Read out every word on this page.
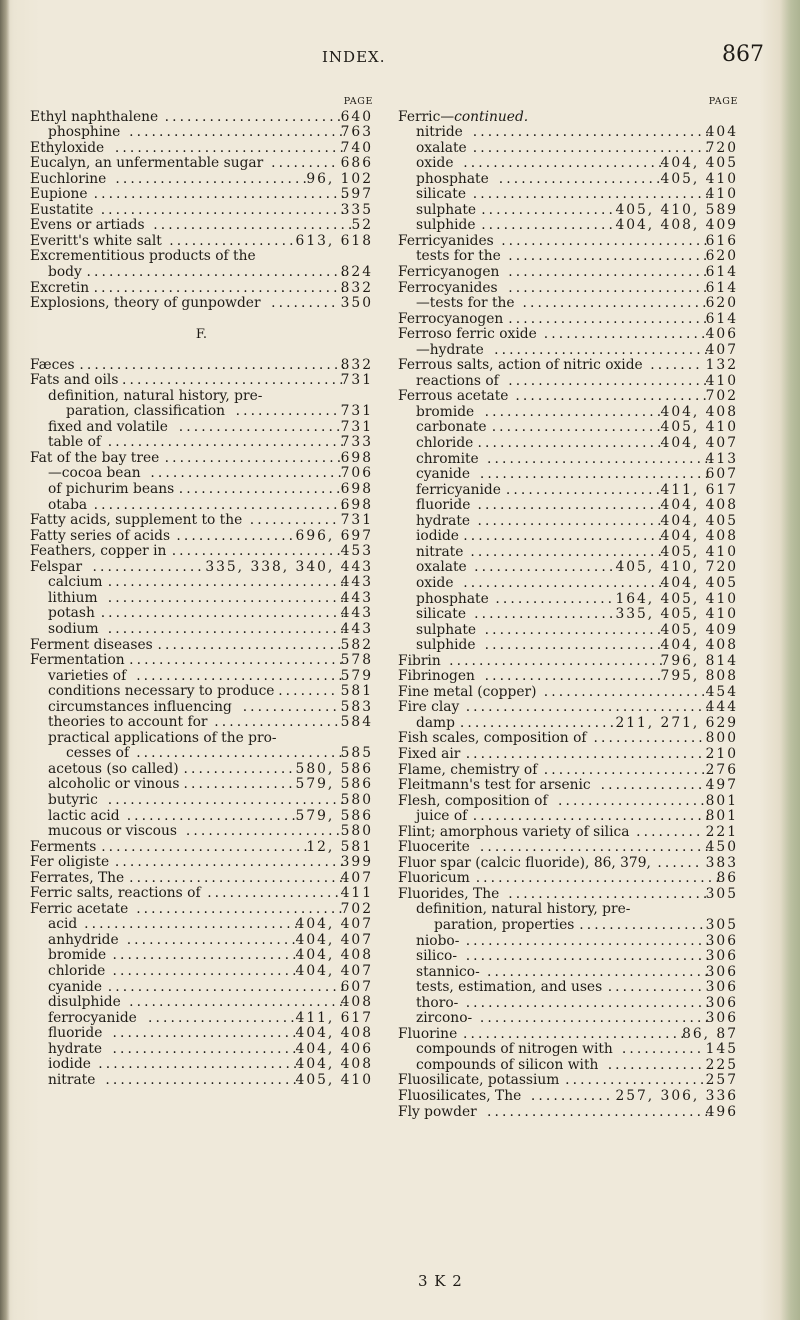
INDEX.	867
PAGE
Ethyl naphthalene	640
........................
phosphine	763
.............................
Ethyloxide	740
...............................
Eucalyn, an unfermentable sugar	686
.........
Euchlorine	96, 102
..........................
Eupione	597
..................................
Eustatite	335
.................................
Evens or artiads	52
...........................
Everitt's white salt	613, 618
.................
Excrementitious products of the
body	824
...................................
Excretin	832
..................................
Explosions, theory of gunpowder	350
.........
F.
Fæces	832
....................................
Fats and oils	731
..............................
definition, natural history, pre-
paration, classification	731
..............
fixed and volatile	731
......................
table of	733
................................
Fat of the bay tree	698
........................
—cocoa bean	706
..........................
of pichurim beans	698
......................
otaba	698
..................................
Fatty acids, supplement to the	731
............
Fatty series of acids	696, 697
................
Feathers, copper in	453
.......................
Felspar	335, 338, 340, 443
...............
calcium	443
................................
lithium	443
................................
potash	443
.................................
sodium	443
................................
Ferment diseases	582
.........................
Fermentation	578
.............................
varieties of	579
............................
conditions necessary to produce	581
........
circumstances influencing	583
.............
theories to account for	584
.................
practical applications of the pro-
cesses of	585
............................
acetous (so called)	580, 586
...............
alcoholic or vinous	579, 586
...............
butyric	580
................................
lactic acid	579, 586
.......................
mucous or viscous	580
.....................
Ferments	12, 581
............................
Fer oligiste	399
...............................
Ferrates, The	407
.............................
Ferric salts, reactions of	411
..................
Ferric acetate	702
............................
acid	404, 407
.............................
anhydride	404, 407
.......................
bromide	404, 408
.........................
chloride	404, 407
.........................
cyanide	607
................................
disulphide	408
.............................
ferrocyanide	411, 617
....................
fluoride	404, 408
.........................
hydrate	404, 406
.........................
iodide	404, 408
...........................
nitrate	405, 410
..........................
PAGE
Ferric—continued.
nitride	404
................................
oxalate	720
................................
oxide	404, 405
...........................
phosphate	405, 410
......................
silicate	410
................................
sulphate	405, 410, 589
..................
sulphide	404, 408, 409
..................
Ferricyanides	616
............................
tests for the	620
...........................
Ferricyanogen	614
...........................
Ferrocyanides	614
...........................
—tests for the	620
.........................
Ferrocyanogen	614
...........................
Ferroso ferric oxide	406
......................
—hydrate	407
.............................
Ferrous salts, action of nitric oxide	132
.......
reactions of	410
...........................
Ferrous acetate	702
..........................
bromide	404, 408
........................
carbonate	405, 410
.......................
chloride	404, 407
.........................
chromite	413
..............................
cyanide	607
...............................
ferricyanide	411, 617
.....................
fluoride	404, 408
.........................
hydrate	404, 405
.........................
iodide	404, 408
...........................
nitrate	405, 410
..........................
oxalate	405, 410, 720
...................
oxide	404, 405
...........................
phosphate	164, 405, 410
................
silicate	335, 405, 410
...................
sulphate	405, 409
........................
sulphide	404, 408
........................
Fibrin	796, 814
.............................
Fibrinogen	795, 808
........................
Fine metal (copper)	454
......................
Fire clay	444
.................................
damp	211, 271, 629
.....................
Fish scales, composition of	800
...............
Fixed air	210
.................................
Flame, chemistry of	276
......................
Fleitmann's test for arsenic	497
..............
Flesh, composition of	801
....................
juice of	801
................................
Flint; amorphous variety of silica	221
.........
Fluocerite	450
...............................
Fluor spar (calcic fluoride), 86, 379,	383
......
Fluoricum	86
.................................
Fluorides, The	305
...........................
definition, natural history, pre-
paration, properties	305
.................
niobo-	306
.................................
silico-	306
.................................
stannico-	306
..............................
tests, estimation, and uses	306
.............
thoro-	306
.................................
zircono-	306
...............................
Fluorine	86, 87
..............................
compounds of nitrogen with	145
...........
compounds of silicon with	225
.............
Fluosilicate, potassium	257
...................
Fluosilicates, The	257, 306, 336
...........
Fly powder	496
..............................
3 K 2
